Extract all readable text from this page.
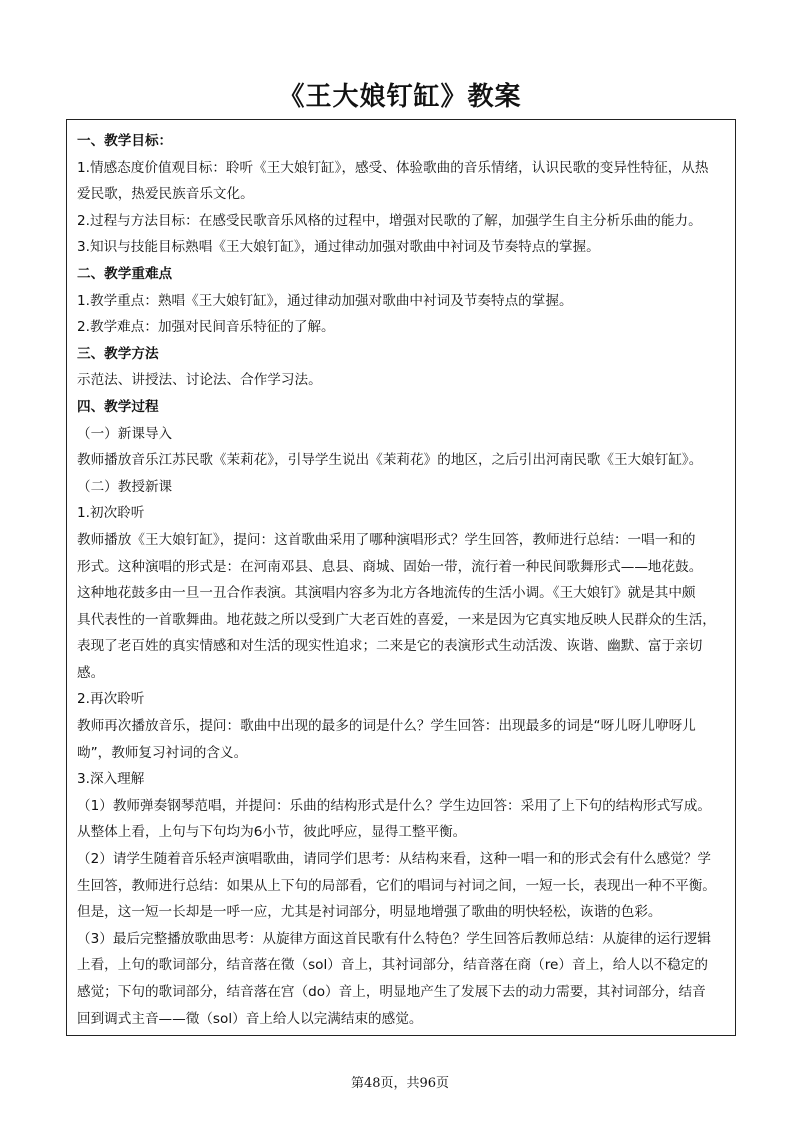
《王大娘钉缸》教案
一、教学目标：
1.情感态度价值观目标：聆听《王大娘钉缸》，感受、体验歌曲的音乐情绪，认识民歌的变异性特征，从热
爱民歌，热爱民族音乐文化。
2.过程与方法目标：在感受民歌音乐风格的过程中，增强对民歌的了解，加强学生自主分析乐曲的能力。
3.知识与技能目标熟唱《王大娘钉缸》，通过律动加强对歌曲中衬词及节奏特点的掌握。
二、教学重难点
1.教学重点：熟唱《王大娘钉缸》，通过律动加强对歌曲中衬词及节奏特点的掌握。
2.教学难点：加强对民间音乐特征的了解。
三、教学方法
示范法、讲授法、讨论法、合作学习法。
四、教学过程
（一）新课导入
教师播放音乐江苏民歌《茉莉花》，引导学生说出《茉莉花》的地区，之后引出河南民歌《王大娘钉缸》。
（二）教授新课
1.初次聆听
教师播放《王大娘钉缸》，提问：这首歌曲采用了哪种演唱形式？学生回答，教师进行总结：一唱一和的
形式。这种演唱的形式是：在河南邓县、息县、商城、固始一带，流行着一种民间歌舞形式——地花鼓。
这种地花鼓多由一旦一丑合作表演。其演唱内容多为北方各地流传的生活小调。《王大娘钉》就是其中颇
具代表性的一首歌舞曲。地花鼓之所以受到广大老百姓的喜爱，一来是因为它真实地反映人民群众的生活，
表现了老百姓的真实情感和对生活的现实性追求；二来是它的表演形式生动活泼、诙谐、幽默、富于亲切
感。
2.再次聆听
教师再次播放音乐，提问：歌曲中出现的最多的词是什么？学生回答：出现最多的词是“呀儿呀儿咿呀儿
呦”，教师复习衬词的含义。
3.深入理解
（1）教师弹奏钢琴范唱，并提问：乐曲的结构形式是什么？学生边回答：采用了上下句的结构形式写成。
从整体上看，上句与下句均为6小节，彼此呼应，显得工整平衡。
（2）请学生随着音乐轻声演唱歌曲，请同学们思考：从结构来看，这种一唱一和的形式会有什么感觉？学
生回答，教师进行总结：如果从上下句的局部看，它们的唱词与衬词之间，一短一长，表现出一种不平衡。
但是，这一短一长却是一呼一应，尤其是衬词部分，明显地增强了歌曲的明快轻松，诙谐的色彩。
（3）最后完整播放歌曲思考：从旋律方面这首民歌有什么特色？学生回答后教师总结：从旋律的运行逻辑
上看，上句的歌词部分，结音落在徵（sol）音上，其衬词部分，结音落在商（re）音上，给人以不稳定的
感觉；下句的歌词部分，结音落在宫（do）音上，明显地产生了发展下去的动力需要，其衬词部分，结音
回到调式主音——徵（sol）音上给人以完满结束的感觉。
第48页，共96页
